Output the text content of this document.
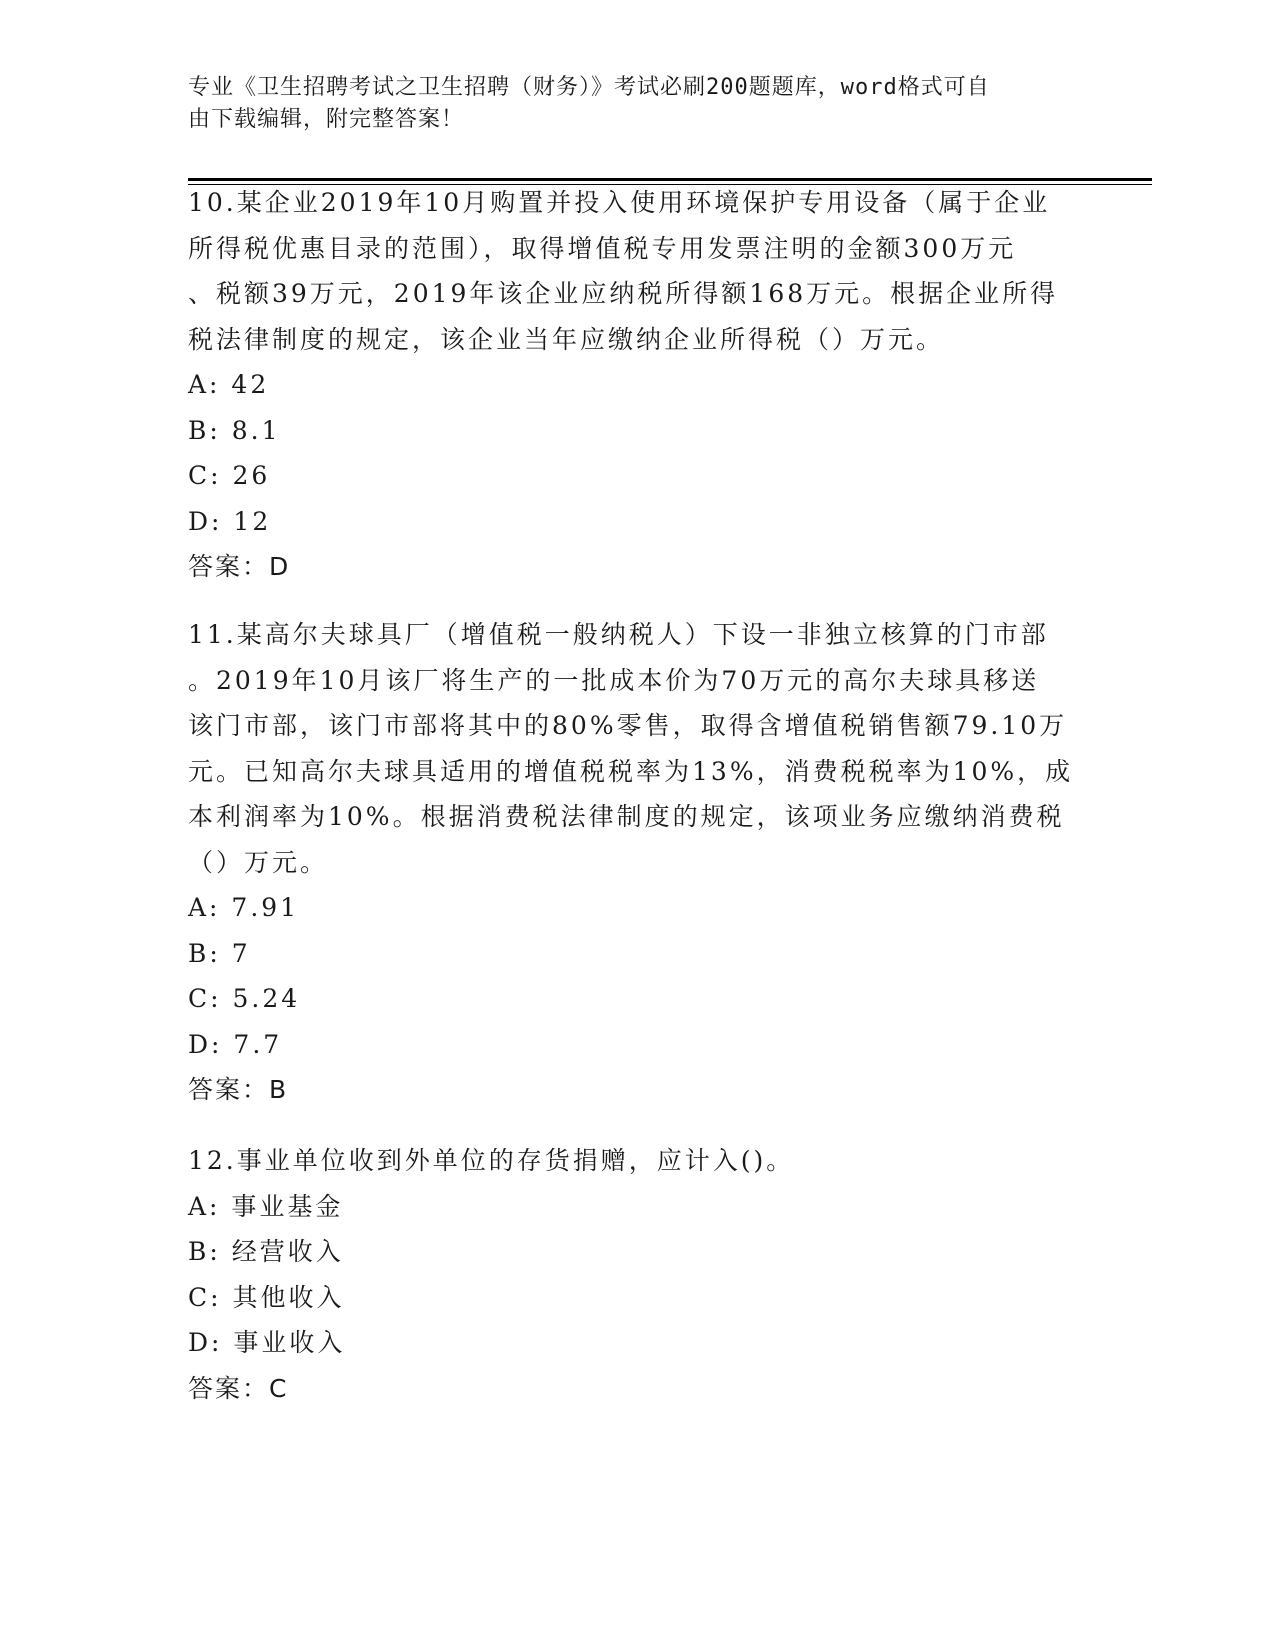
专业《卫生招聘考试之卫生招聘（财务）》考试必刷200题题库，word格式可自
由下载编辑，附完整答案！

10.某企业2019年10月购置并投入使用环境保护专用设备（属于企业

所得税优惠目录的范围），取得增值税专用发票注明的金额300万元

、税额39万元，2019年该企业应纳税所得额168万元。根据企业所得

税法律制度的规定，该企业当年应缴纳企业所得税（）万元。

A: 42

B: 8.1

C: 26

D: 12

答案：D

11.某高尔夫球具厂（增值税一般纳税人）下设一非独立核算的门市部

。2019年10月该厂将生产的一批成本价为70万元的高尔夫球具移送

该门市部，该门市部将其中的80%零售，取得含增值税销售额79.10万

元。已知高尔夫球具适用的增值税税率为13%，消费税税率为10%，成

本利润率为10%。根据消费税法律制度的规定，该项业务应缴纳消费税

（）万元。

A: 7.91

B: 7

C: 5.24

D: 7.7

答案：B

12.事业单位收到外单位的存货捐赠，应计入()。

A: 事业基金

B: 经营收入

C: 其他收入

D: 事业收入

答案：C
